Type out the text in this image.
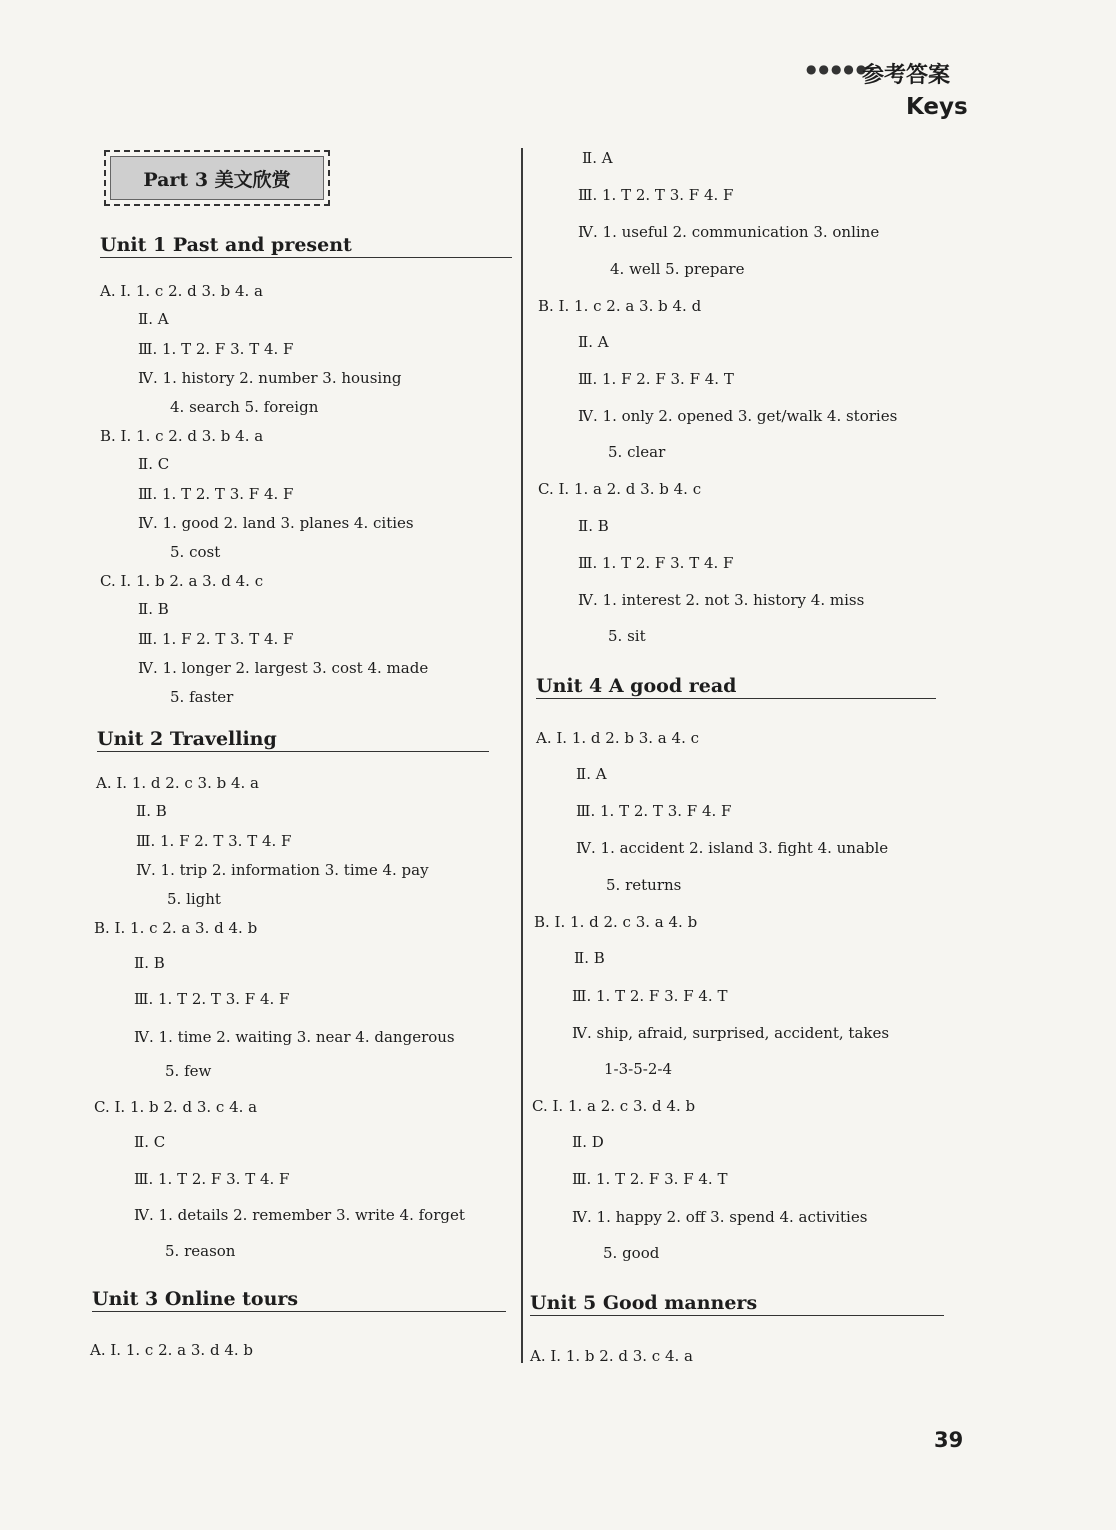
●●●●●
参考答案
Keys
Part 3 美文欣赏
Unit 1 Past and present
A. Ⅰ. 1. c 2. d 3. b 4. a
Ⅱ. A
Ⅲ. 1. T 2. F 3. T 4. F
Ⅳ. 1. history 2. number 3. housing
4. search 5. foreign
B. Ⅰ. 1. c 2. d 3. b 4. a
Ⅱ. C
Ⅲ. 1. T 2. T 3. F 4. F
Ⅳ. 1. good 2. land 3. planes 4. cities
5. cost
C. Ⅰ. 1. b 2. a 3. d 4. c
Ⅱ. B
Ⅲ. 1. F 2. T 3. T 4. F
Ⅳ. 1. longer 2. largest 3. cost 4. made
5. faster
Unit 2 Travelling
A. Ⅰ. 1. d 2. c 3. b 4. a
Ⅱ. B
Ⅲ. 1. F 2. T 3. T 4. F
Ⅳ. 1. trip 2. information 3. time 4. pay
5. light
B. Ⅰ. 1. c 2. a 3. d 4. b
Ⅱ. B
Ⅲ. 1. T 2. T 3. F 4. F
Ⅳ. 1. time 2. waiting 3. near 4. dangerous
5. few
C. Ⅰ. 1. b 2. d 3. c 4. a
Ⅱ. C
Ⅲ. 1. T 2. F 3. T 4. F
Ⅳ. 1. details 2. remember 3. write 4. forget
5. reason
Unit 3 Online tours
A. Ⅰ. 1. c 2. a 3. d 4. b
Ⅱ. A
Ⅲ. 1. T 2. T 3. F 4. F
Ⅳ. 1. useful 2. communication 3. online
4. well 5. prepare
B. Ⅰ. 1. c 2. a 3. b 4. d
Ⅱ. A
Ⅲ. 1. F 2. F 3. F 4. T
Ⅳ. 1. only 2. opened 3. get/walk 4. stories
5. clear
C. Ⅰ. 1. a 2. d 3. b 4. c
Ⅱ. B
Ⅲ. 1. T 2. F 3. T 4. F
Ⅳ. 1. interest 2. not 3. history 4. miss
5. sit
Unit 4 A good read
A. Ⅰ. 1. d 2. b 3. a 4. c
Ⅱ. A
Ⅲ. 1. T 2. T 3. F 4. F
Ⅳ. 1. accident 2. island 3. fight 4. unable
5. returns
B. Ⅰ. 1. d 2. c 3. a 4. b
Ⅱ. B
Ⅲ. 1. T 2. F 3. F 4. T
Ⅳ. ship, afraid, surprised, accident, takes
1-3-5-2-4
C. Ⅰ. 1. a 2. c 3. d 4. b
Ⅱ. D
Ⅲ. 1. T 2. F 3. F 4. T
Ⅳ. 1. happy 2. off 3. spend 4. activities
5. good
Unit 5 Good manners
A. Ⅰ. 1. b 2. d 3. c 4. a
39
